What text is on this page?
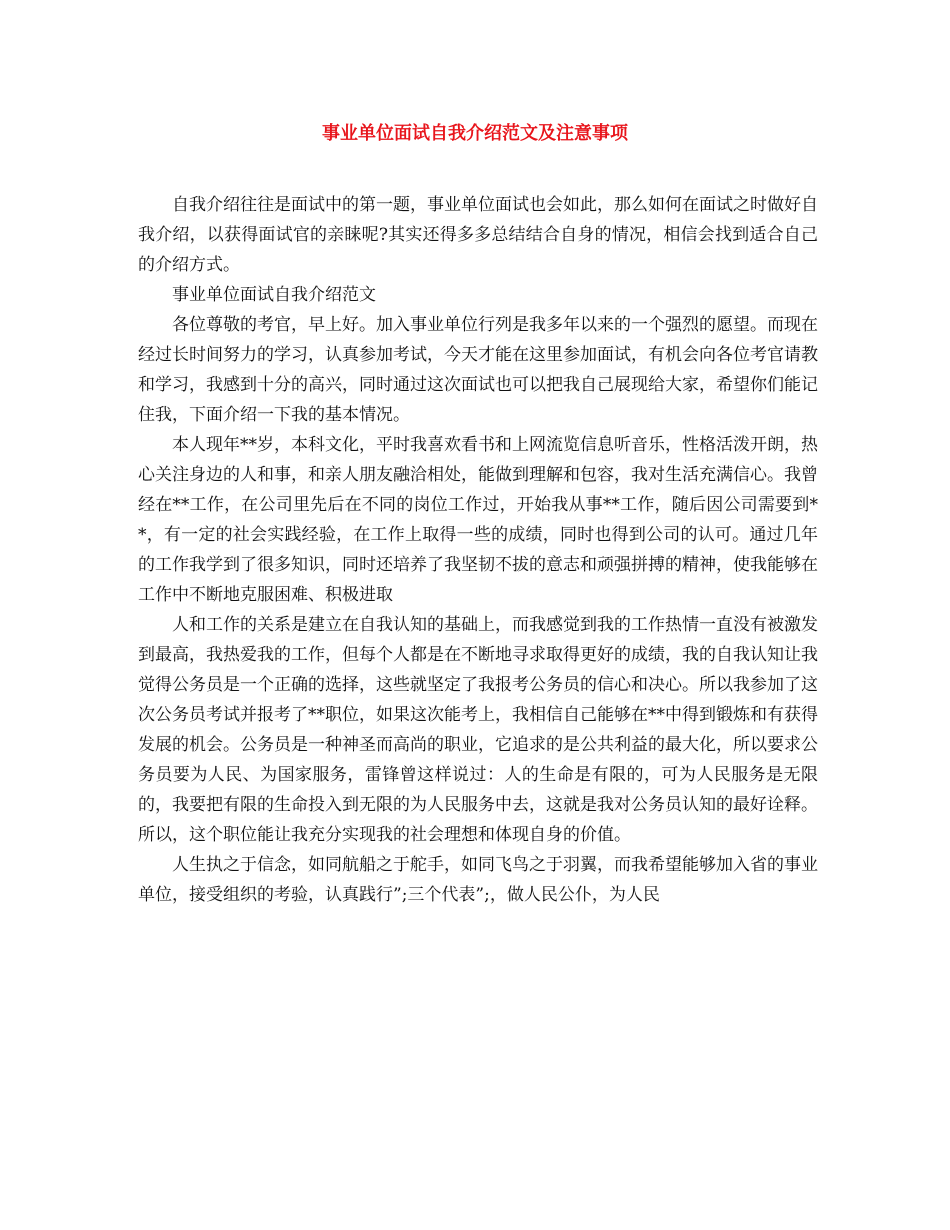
事业单位面试自我介绍范文及注意事项

自我介绍往往是面试中的第一题，事业单位面试也会如此，那么如何在面试之时做好自我介绍，以获得面试官的亲睐呢?其实还得多多总结结合自身的情况，相信会找到适合自己的介绍方式。

事业单位面试自我介绍范文

各位尊敬的考官，早上好。加入事业单位行列是我多年以来的一个强烈的愿望。而现在经过长时间努力的学习，认真参加考试，今天才能在这里参加面试，有机会向各位考官请教和学习，我感到十分的高兴，同时通过这次面试也可以把我自己展现给大家，希望你们能记住我，下面介绍一下我的基本情况。

本人现年**岁，本科文化，平时我喜欢看书和上网流览信息听音乐，性格活泼开朗，热心关注身边的人和事，和亲人朋友融洽相处，能做到理解和包容，我对生活充满信心。我曾经在**工作，在公司里先后在不同的岗位工作过，开始我从事**工作，随后因公司需要到**，有一定的社会实践经验，在工作上取得一些的成绩，同时也得到公司的认可。通过几年的工作我学到了很多知识，同时还培养了我坚韧不拔的意志和顽强拼搏的精神，使我能够在工作中不断地克服困难、积极进取

人和工作的关系是建立在自我认知的基础上，而我感觉到我的工作热情一直没有被激发到最高，我热爱我的工作，但每个人都是在不断地寻求取得更好的成绩，我的自我认知让我觉得公务员是一个正确的选择，这些就坚定了我报考公务员的信心和决心。所以我参加了这次公务员考试并报考了**职位，如果这次能考上，我相信自己能够在**中得到锻炼和有获得发展的机会。公务员是一种神圣而高尚的职业，它追求的是公共利益的最大化，所以要求公务员要为人民、为国家服务，雷锋曾这样说过：人的生命是有限的，可为人民服务是无限的，我要把有限的生命投入到无限的为人民服务中去，这就是我对公务员认知的最好诠释。所以，这个职位能让我充分实现我的社会理想和体现自身的价值。

人生执之于信念，如同航船之于舵手，如同飞鸟之于羽翼，而我希望能够加入省的事业单位，接受组织的考验，认真践行”;三个代表”;，做人民公仆，为人民
